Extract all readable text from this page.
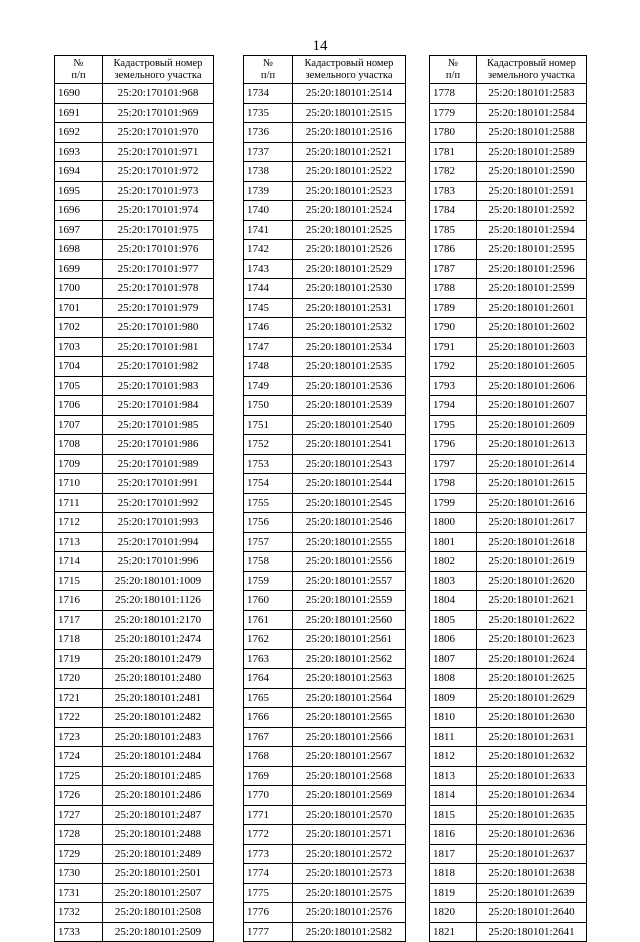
14
№
п/п	Кадастровый номер
земельного участка
1690	25:20:170101:968
1691	25:20:170101:969
1692	25:20:170101:970
1693	25:20:170101:971
1694	25:20:170101:972
1695	25:20:170101:973
1696	25:20:170101:974
1697	25:20:170101:975
1698	25:20:170101:976
1699	25:20:170101:977
1700	25:20:170101:978
1701	25:20:170101:979
1702	25:20:170101:980
1703	25:20:170101:981
1704	25:20:170101:982
1705	25:20:170101:983
1706	25:20:170101:984
1707	25:20:170101:985
1708	25:20:170101:986
1709	25:20:170101:989
1710	25:20:170101:991
1711	25:20:170101:992
1712	25:20:170101:993
1713	25:20:170101:994
1714	25:20:170101:996
1715	25:20:180101:1009
1716	25:20:180101:1126
1717	25:20:180101:2170
1718	25:20:180101:2474
1719	25:20:180101:2479
1720	25:20:180101:2480
1721	25:20:180101:2481
1722	25:20:180101:2482
1723	25:20:180101:2483
1724	25:20:180101:2484
1725	25:20:180101:2485
1726	25:20:180101:2486
1727	25:20:180101:2487
1728	25:20:180101:2488
1729	25:20:180101:2489
1730	25:20:180101:2501
1731	25:20:180101:2507
1732	25:20:180101:2508
1733	25:20:180101:2509
№
п/п	Кадастровый номер
земельного участка
1734	25:20:180101:2514
1735	25:20:180101:2515
1736	25:20:180101:2516
1737	25:20:180101:2521
1738	25:20:180101:2522
1739	25:20:180101:2523
1740	25:20:180101:2524
1741	25:20:180101:2525
1742	25:20:180101:2526
1743	25:20:180101:2529
1744	25:20:180101:2530
1745	25:20:180101:2531
1746	25:20:180101:2532
1747	25:20:180101:2534
1748	25:20:180101:2535
1749	25:20:180101:2536
1750	25:20:180101:2539
1751	25:20:180101:2540
1752	25:20:180101:2541
1753	25:20:180101:2543
1754	25:20:180101:2544
1755	25:20:180101:2545
1756	25:20:180101:2546
1757	25:20:180101:2555
1758	25:20:180101:2556
1759	25:20:180101:2557
1760	25:20:180101:2559
1761	25:20:180101:2560
1762	25:20:180101:2561
1763	25:20:180101:2562
1764	25:20:180101:2563
1765	25:20:180101:2564
1766	25:20:180101:2565
1767	25:20:180101:2566
1768	25:20:180101:2567
1769	25:20:180101:2568
1770	25:20:180101:2569
1771	25:20:180101:2570
1772	25:20:180101:2571
1773	25:20:180101:2572
1774	25:20:180101:2573
1775	25:20:180101:2575
1776	25:20:180101:2576
1777	25:20:180101:2582
№
п/п	Кадастровый номер
земельного участка
1778	25:20:180101:2583
1779	25:20:180101:2584
1780	25:20:180101:2588
1781	25:20:180101:2589
1782	25:20:180101:2590
1783	25:20:180101:2591
1784	25:20:180101:2592
1785	25:20:180101:2594
1786	25:20:180101:2595
1787	25:20:180101:2596
1788	25:20:180101:2599
1789	25:20:180101:2601
1790	25:20:180101:2602
1791	25:20:180101:2603
1792	25:20:180101:2605
1793	25:20:180101:2606
1794	25:20:180101:2607
1795	25:20:180101:2609
1796	25:20:180101:2613
1797	25:20:180101:2614
1798	25:20:180101:2615
1799	25:20:180101:2616
1800	25:20:180101:2617
1801	25:20:180101:2618
1802	25:20:180101:2619
1803	25:20:180101:2620
1804	25:20:180101:2621
1805	25:20:180101:2622
1806	25:20:180101:2623
1807	25:20:180101:2624
1808	25:20:180101:2625
1809	25:20:180101:2629
1810	25:20:180101:2630
1811	25:20:180101:2631
1812	25:20:180101:2632
1813	25:20:180101:2633
1814	25:20:180101:2634
1815	25:20:180101:2635
1816	25:20:180101:2636
1817	25:20:180101:2637
1818	25:20:180101:2638
1819	25:20:180101:2639
1820	25:20:180101:2640
1821	25:20:180101:2641
